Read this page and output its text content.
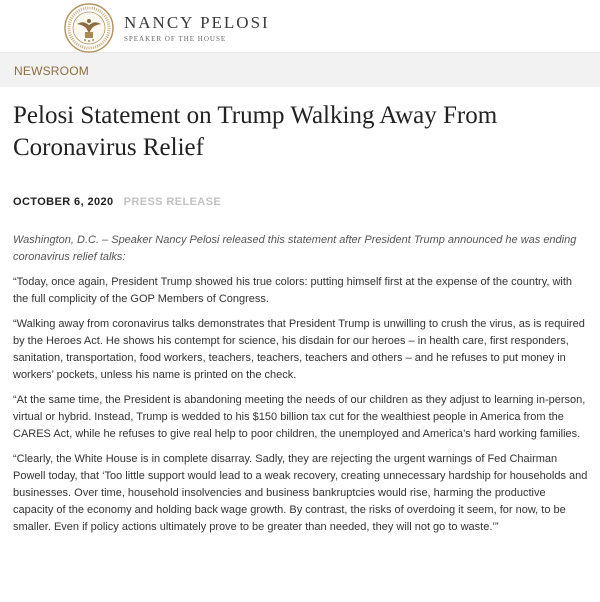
NANCY PELOSI
SPEAKER OF THE HOUSE
NEWSROOM
Pelosi Statement on Trump Walking Away From Coronavirus Relief
OCTOBER 6, 2020 PRESS RELEASE

Washington, D.C. – Speaker Nancy Pelosi released this statement after President Trump announced he was ending coronavirus relief talks:

“Today, once again, President Trump showed his true colors: putting himself first at the expense of the country, with the full complicity of the GOP Members of Congress.

“Walking away from coronavirus talks demonstrates that President Trump is unwilling to crush the virus, as is required by the Heroes Act. He shows his contempt for science, his disdain for our heroes – in health care, first responders, sanitation, transportation, food workers, teachers, teachers, teachers and others – and he refuses to put money in workers’ pockets, unless his name is printed on the check.

“At the same time, the President is abandoning meeting the needs of our children as they adjust to learning in-person, virtual or hybrid. Instead, Trump is wedded to his $150 billion tax cut for the wealthiest people in America from the CARES Act, while he refuses to give real help to poor children, the unemployed and America’s hard working families.

“Clearly, the White House is in complete disarray. Sadly, they are rejecting the urgent warnings of Fed Chairman Powell today, that ‘Too little support would lead to a weak recovery, creating unnecessary hardship for households and businesses. Over time, household insolvencies and business bankruptcies would rise, harming the productive capacity of the economy and holding back wage growth. By contrast, the risks of overdoing it seem, for now, to be smaller. Even if policy actions ultimately prove to be greater than needed, they will not go to waste.’”
